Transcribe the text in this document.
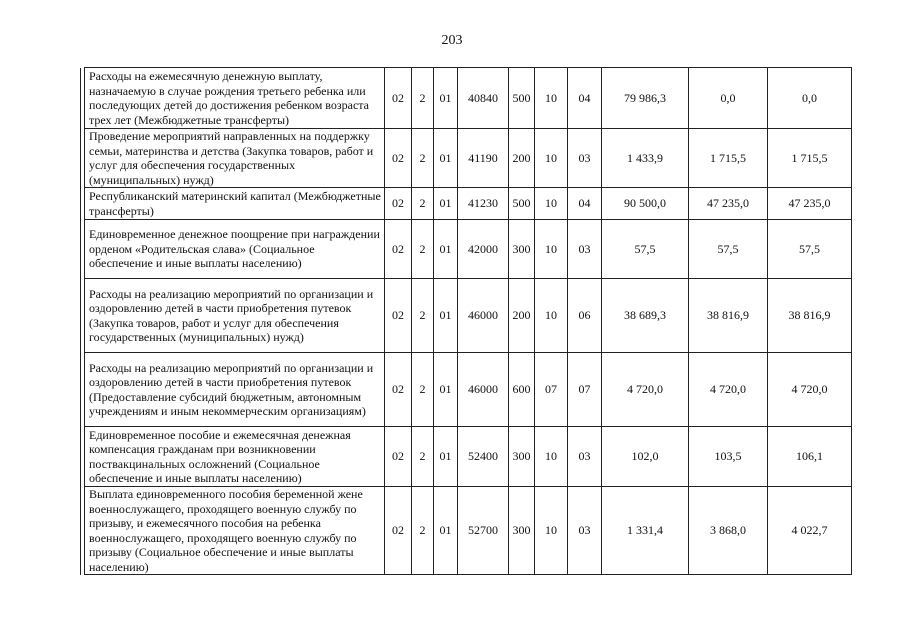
203
	Расходы на ежемесячную денежную выплату, назначаемую в случае рождения третьего ребенка или последующих детей до достижения ребенком возраста трех лет (Межбюджетные трансферты)	02	2	01	40840	500	10	04	79 986,3	0,0	0,0
	Проведение мероприятий направленных на поддержку семьи, материнства и детства (Закупка товаров, работ и услуг для обеспечения государственных (муниципальных) нужд)	02	2	01	41190	200	10	03	1 433,9	1 715,5	1 715,5
	Республиканский материнский капитал (Межбюджетные трансферты)	02	2	01	41230	500	10	04	90 500,0	47 235,0	47 235,0
	Единовременное денежное поощрение при награждении орденом «Родительская слава» (Социальное обеспечение и иные выплаты населению)	02	2	01	42000	300	10	03	57,5	57,5	57,5
	Расходы на реализацию мероприятий по организации и оздоровлению детей в части приобретения путевок (Закупка товаров, работ и услуг для обеспечения государственных (муниципальных) нужд)	02	2	01	46000	200	10	06	38 689,3	38 816,9	38 816,9
	Расходы на реализацию мероприятий по организации и оздоровлению детей в части приобретения путевок (Предоставление субсидий бюджетным, автономным учреждениям и иным некоммерческим организациям)	02	2	01	46000	600	07	07	4 720,0	4 720,0	4 720,0
	Единовременное пособие и ежемесячная денежная компенсация гражданам при возникновении поствакцинальных осложнений (Социальное обеспечение и иные выплаты населению)	02	2	01	52400	300	10	03	102,0	103,5	106,1
	Выплата единовременного пособия беременной жене военнослужащего, проходящего военную службу по призыву, и ежемесячного пособия на ребенка военнослужащего, проходящего военную службу по призыву (Социальное обеспечение и иные выплаты населению)	02	2	01	52700	300	10	03	1 331,4	3 868,0	4 022,7
